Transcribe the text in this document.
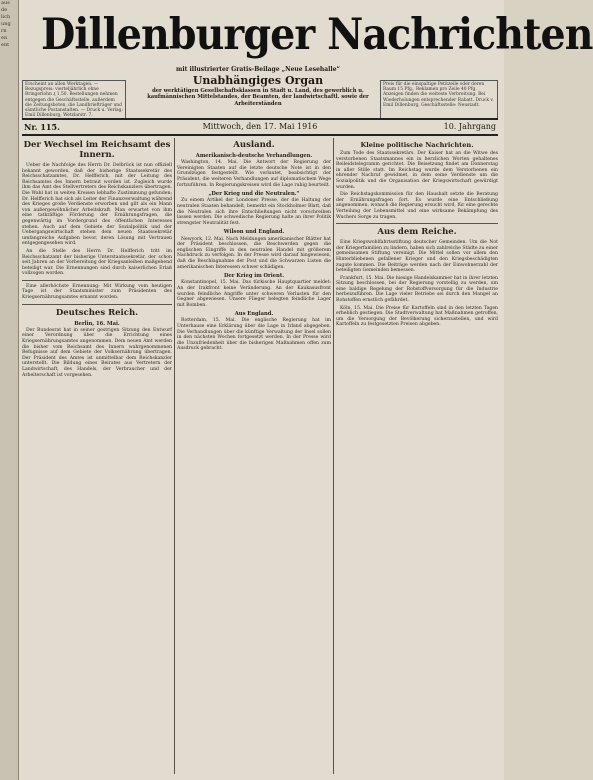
aus
de
lich
ung
rn
en
ent Dillenburger Nachrichten
Erscheint an allen Werktagen. — Bezugspreis: vierteljährlich ohne Bringerlohn ₰ 1,50. Bestellungen nehmen entgegen die Geschäftsstelle, außerdem die Zeitungsboten, die Landbriefträger und sämtliche Postanstalten. — Druck u. Verlag: Emil Dillenburg, Wetzlarstr. 7.
mit illustrierter Gratis-Beilage „Neue Lesehalle“
Unabhängiges Organ
der werktätigen Gesellschaftsklassen in Stadt u. Land, des gewerblich u. kaufmännischen Mittelstandes, der Beamten, der landwirtschaftl. sowie der Arbeiterständen
Preis für die einspaltige Petitzeile oder deren Raum 15 Pfg., Reklamen pro Zeile 40 Pfg. Anzeigen finden die weiteste Verbreitung. Bei Wiederholungen entsprechender Rabatt. Druck v. Emil Dillenburg, Geschäftsstelle: Neustadt.
Nr. 115.	Mittwoch, den 17. Mai 1916	10. Jahrgang
Der Wechsel im Reichsamt des Innern.

Ueber die Nachfolge des Herrn Dr. Delbrück ist nun offiziell bekannt geworden, daß der bisherige Staatssekretär des Reichsschatzamtes, Dr. Helfferich, mit der Leitung des Reichsamtes des Innern betraut worden ist. Zugleich wurde ihm das Amt des Stellvertreters des Reichskanzlers übertragen. Die Wahl hat in weiten Kreisen lebhafte Zustimmung gefunden; Dr. Helfferich hat sich als Leiter der Finanzverwaltung während des Krieges große Verdienste erworben und gilt als ein Mann von außergewöhnlicher Arbeitskraft. Man erwartet von ihm eine tatkräftige Förderung der Ernährungsfragen, die gegenwärtig im Vordergrund des öffentlichen Interesses stehen. Auch auf dem Gebiete der Sozialpolitik und der Uebergangswirtschaft stehen dem neuen Staatssekretär umfangreiche Aufgaben bevor, deren Lösung mit Vertrauen entgegengesehen wird.

An die Stelle des Herrn Dr. Helfferich tritt im Reichsschatzamt der bisherige Unterstaatssekretär, der schon seit Jahren an der Vorbereitung der Kriegsanleihen maßgebend beteiligt war. Die Ernennungen sind durch kaiserlichen Erlaß vollzogen worden.

Eine allerhöchste Ernennung: Mit Wirkung vom heutigen Tage ist der Staatsminister zum Präsidenten des Kriegsernährungsamtes ernannt worden.

Deutsches Reich.
Berlin, 16. Mai.

Der Bundesrat hat in seiner gestrigen Sitzung den Entwurf einer Verordnung über die Errichtung eines Kriegsernährungsamtes angenommen. Dem neuen Amt werden die bisher vom Reichsamt des Innern wahrgenommenen Befugnisse auf dem Gebiete der Volksernährung übertragen. Der Präsident des Amtes ist unmittelbar dem Reichskanzler unterstellt. Die Bildung eines Beirates aus Vertretern der Landwirtschaft, des Handels, der Verbraucher und der Arbeiterschaft ist vorgesehen.

Ausland.
Amerikanisch-deutsche Verhandlungen.

Washington, 14. Mai. Die Antwort der Regierung der Vereinigten Staaten auf die letzte deutsche Note ist in den Grundzügen festgestellt. Wie verlautet, beabsichtigt der Präsident, die weiteren Verhandlungen auf diplomatischem Wege fortzuführen. In Regierungskreisen wird die Lage ruhig beurteilt.

„Der Krieg und die Neutralen.“

Zu einem Artikel der Londoner Presse, der die Haltung der neutralen Staaten behandelt, bemerkt ein Stockholmer Blatt, daß die Neutralen sich ihre Entschließungen nicht vorschreiben lassen werden. Die schwedische Regierung halte an ihrer Politik strengster Neutralität fest.

Wilson und England.

Newyork, 12. Mai. Nach Meldungen amerikanischer Blätter hat der Präsident beschlossen, die Beschwerden gegen die englischen Eingriffe in den neutralen Handel mit größerem Nachdruck zu verfolgen. In der Presse wird darauf hingewiesen, daß die Beschlagnahme der Post und die Schwarzen Listen die amerikanischen Interessen schwer schädigen.

Der Krieg im Orient.

Konstantinopel, 15. Mai. Das türkische Hauptquartier meldet: An der Irakfront keine Veränderung. An der Kaukasusfront wurden feindliche Angriffe unter schweren Verlusten für den Gegner abgewiesen. Unsere Flieger belegten feindliche Lager mit Bomben.

Aus England.

Rotterdam, 15. Mai. Die englische Regierung hat im Unterhause eine Erklärung über die Lage in Irland abgegeben. Die Verhandlungen über die künftige Verwaltung der Insel sollen in den nächsten Wochen fortgesetzt werden. In der Presse wird die Unzufriedenheit über die bisherigen Maßnahmen offen zum Ausdruck gebracht.

Kleine politische Nachrichten.

Zum Tode des Staatssekretärs. Der Kaiser hat an die Witwe des verstorbenen Staatsmannes ein in herzlichen Worten gehaltenes Beileidstelegramm gerichtet. Die Beisetzung findet am Donnerstag in aller Stille statt. Im Reichstag wurde dem Verstorbenen ein ehrender Nachruf gewidmet, in dem seine Verdienste um die Sozialpolitik und die Organisation der Kriegswirtschaft gewürdigt wurden.

Die Reichstagskommission für den Haushalt setzte die Beratung der Ernährungsfragen fort. Es wurde eine Entschließung angenommen, wonach die Regierung ersucht wird, für eine gerechte Verteilung der Lebensmittel und eine wirksame Bekämpfung des Wuchers Sorge zu tragen.

Aus dem Reiche.

Eine Kriegswohlfahrtsstiftung deutscher Gemeinden. Um die Not der Kriegerfamilien zu lindern, haben sich zahlreiche Städte zu einer gemeinsamen Stiftung vereinigt. Die Mittel sollen vor allem den Hinterbliebenen gefallener Krieger und den Kriegsbeschädigten zugute kommen. Die Beiträge werden nach der Einwohnerzahl der beteiligten Gemeinden bemessen.

Frankfurt, 15. Mai. Die hiesige Handelskammer hat in ihrer letzten Sitzung beschlossen, bei der Regierung vorstellig zu werden, um eine baldige Regelung der Rohstoffversorgung für die Industrie herbeizuführen. Die Lage vieler Betriebe sei durch den Mangel an Rohstoffen ernstlich gefährdet.

Köln, 15. Mai. Die Preise für Kartoffeln sind in den letzten Tagen erheblich gestiegen. Die Stadtverwaltung hat Maßnahmen getroffen, um die Versorgung der Bevölkerung sicherzustellen, und wird Kartoffeln zu festgesetzten Preisen abgeben.
